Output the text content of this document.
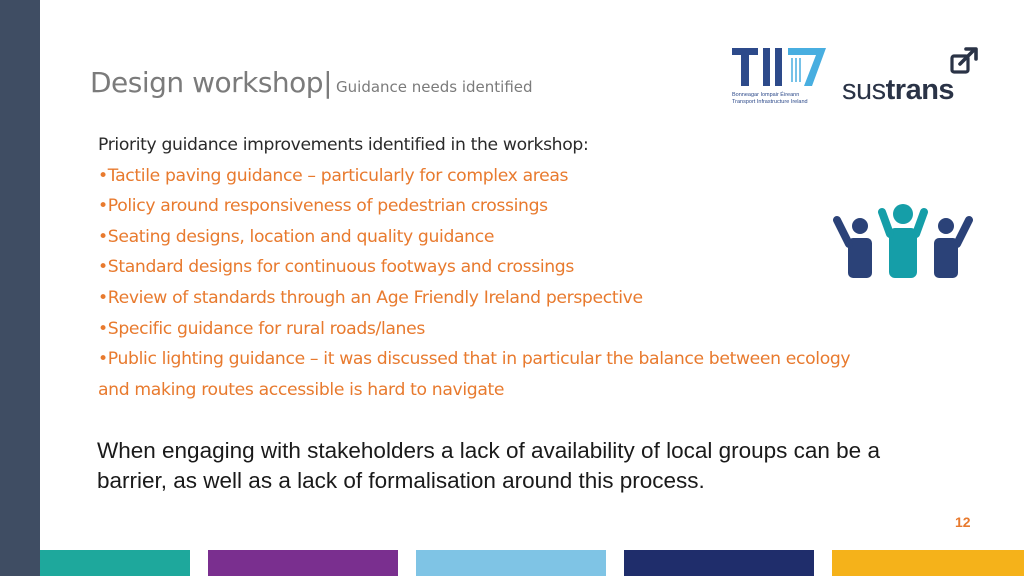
Design workshop| Guidance needs identified	Bonneagar Iompair Éireann
Transport Infrastructure Ireland	sustrans
Priority guidance improvements identified in the workshop:
• Tactile paving guidance – particularly for complex areas
• Policy around responsiveness of pedestrian crossings
• Seating designs, location and quality guidance
• Standard designs for continuous footways and crossings
• Review of standards through an Age Friendly Ireland perspective
• Specific guidance for rural roads/lanes
• Public lighting guidance – it was discussed that in particular the balance between ecology and making routes accessible is hard to navigate
When engaging with stakeholders a lack of availability of local groups can be a barrier, as well as a lack of formalisation around this process.
12
